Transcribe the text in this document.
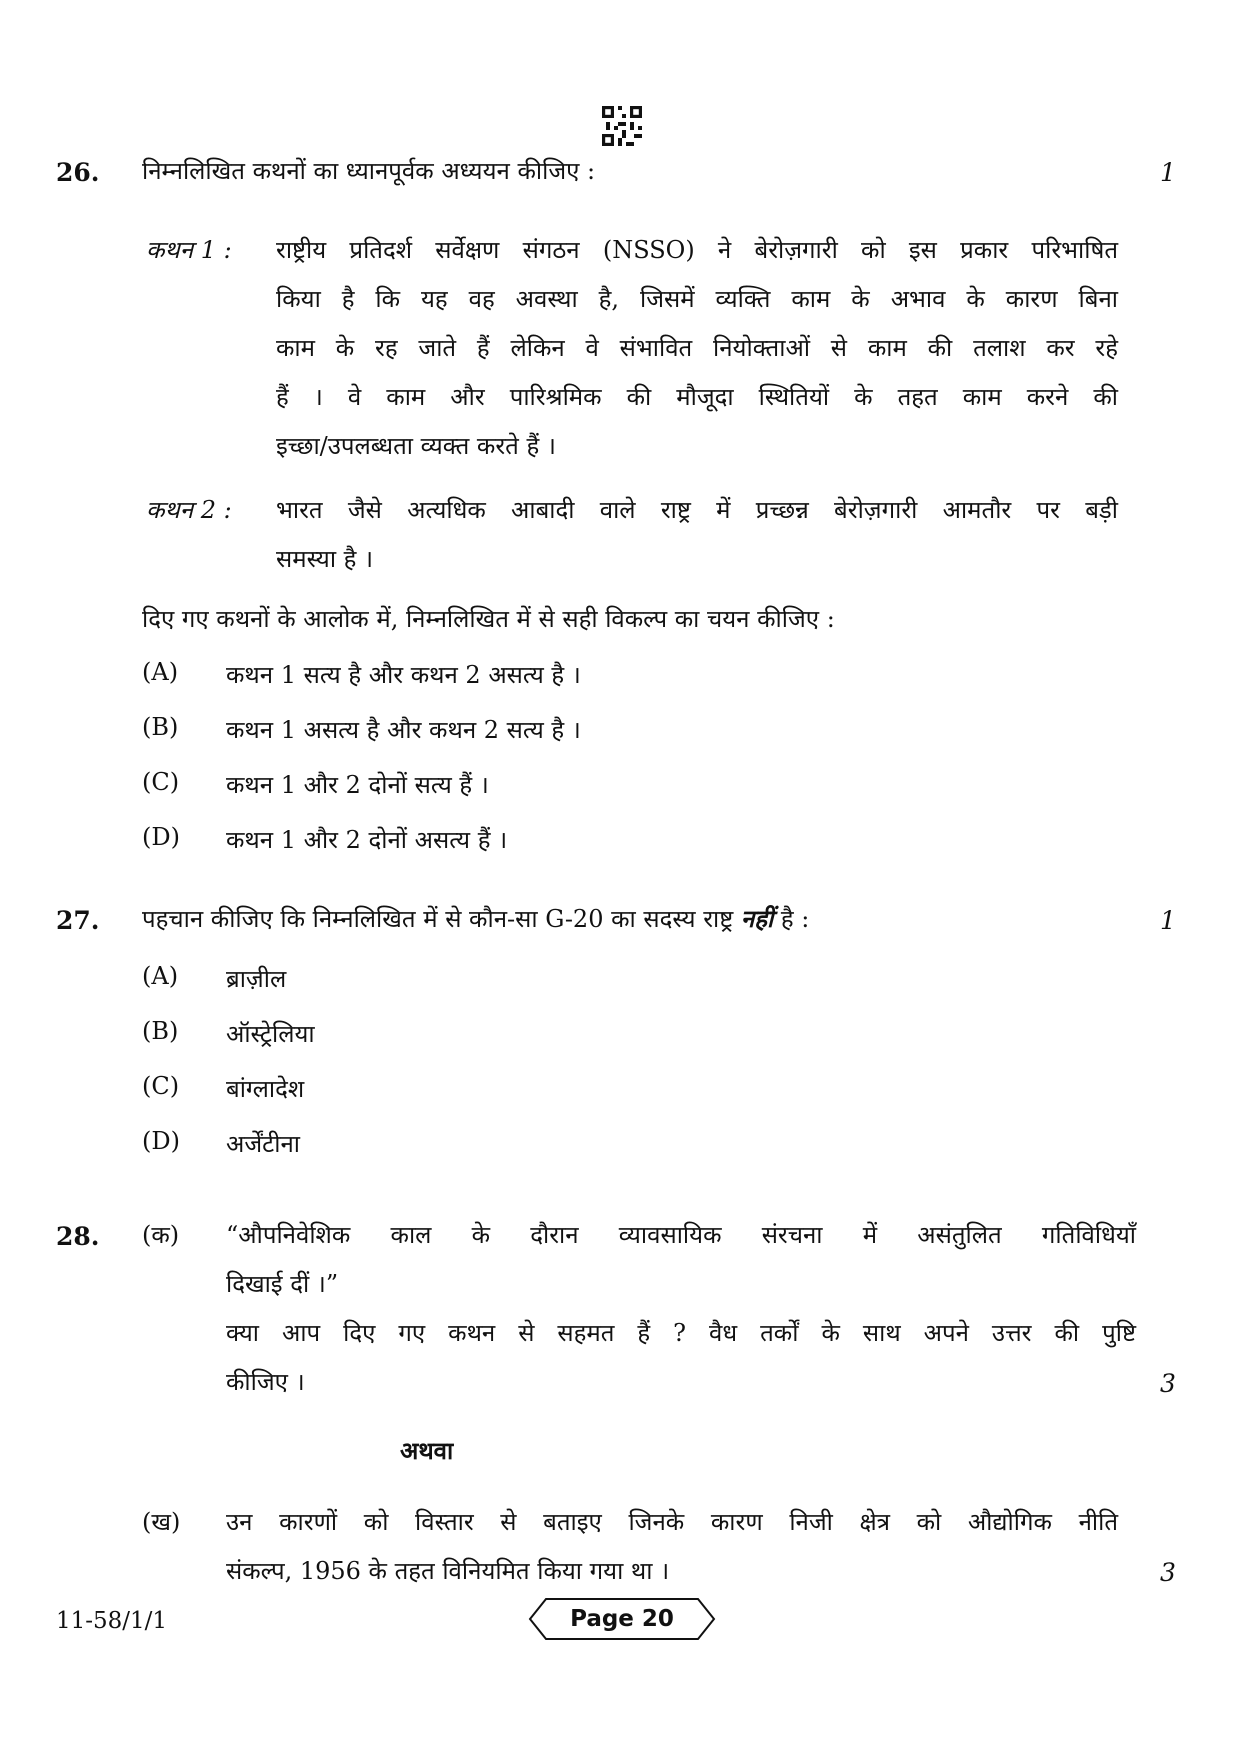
26. निम्नलिखित कथनों का ध्यानपूर्वक अध्ययन कीजिए :	1
कथन 1 : राष्ट्रीय प्रतिदर्श सर्वेक्षण संगठन (NSSO) ने बेरोज़गारी को इस प्रकार परिभाषित
किया है कि यह वह अवस्था है, जिसमें व्यक्ति काम के अभाव के कारण बिना
काम के रह जाते हैं लेकिन वे संभावित नियोक्ताओं से काम की तलाश कर रहे
हैं । वे काम और पारिश्रमिक की मौजूदा स्थितियों के तहत काम करने की
इच्छा/उपलब्धता व्यक्त करते हैं ।
कथन 2 : भारत जैसे अत्यधिक आबादी वाले राष्ट्र में प्रच्छन्न बेरोज़गारी आमतौर पर बड़ी
समस्या है ।
दिए गए कथनों के आलोक में, निम्नलिखित में से सही विकल्प का चयन कीजिए :
(A) कथन 1 सत्य है और कथन 2 असत्य है ।
(B) कथन 1 असत्य है और कथन 2 सत्य है ।
(C) कथन 1 और 2 दोनों सत्य हैं ।
(D) कथन 1 और 2 दोनों असत्य हैं ।
27. पहचान कीजिए कि निम्नलिखित में से कौन-सा G-20 का सदस्य राष्ट्र नहीं है :	1
(A) ब्राज़ील
(B) ऑस्ट्रेलिया
(C) बांग्लादेश
(D) अर्जेंटीना
28. (क) “औपनिवेशिक काल के दौरान व्यावसायिक संरचना में असंतुलित गतिविधियाँ
दिखाई दीं ।”
क्या आप दिए गए कथन से सहमत हैं ? वैध तर्कों के साथ अपने उत्तर की पुष्टि
कीजिए ।	3
अथवा
(ख) उन कारणों को विस्तार से बताइए जिनके कारण निजी क्षेत्र को औद्योगिक नीति
संकल्प, 1956 के तहत विनियमित किया गया था ।	3
11-58/1/1	Page 20
